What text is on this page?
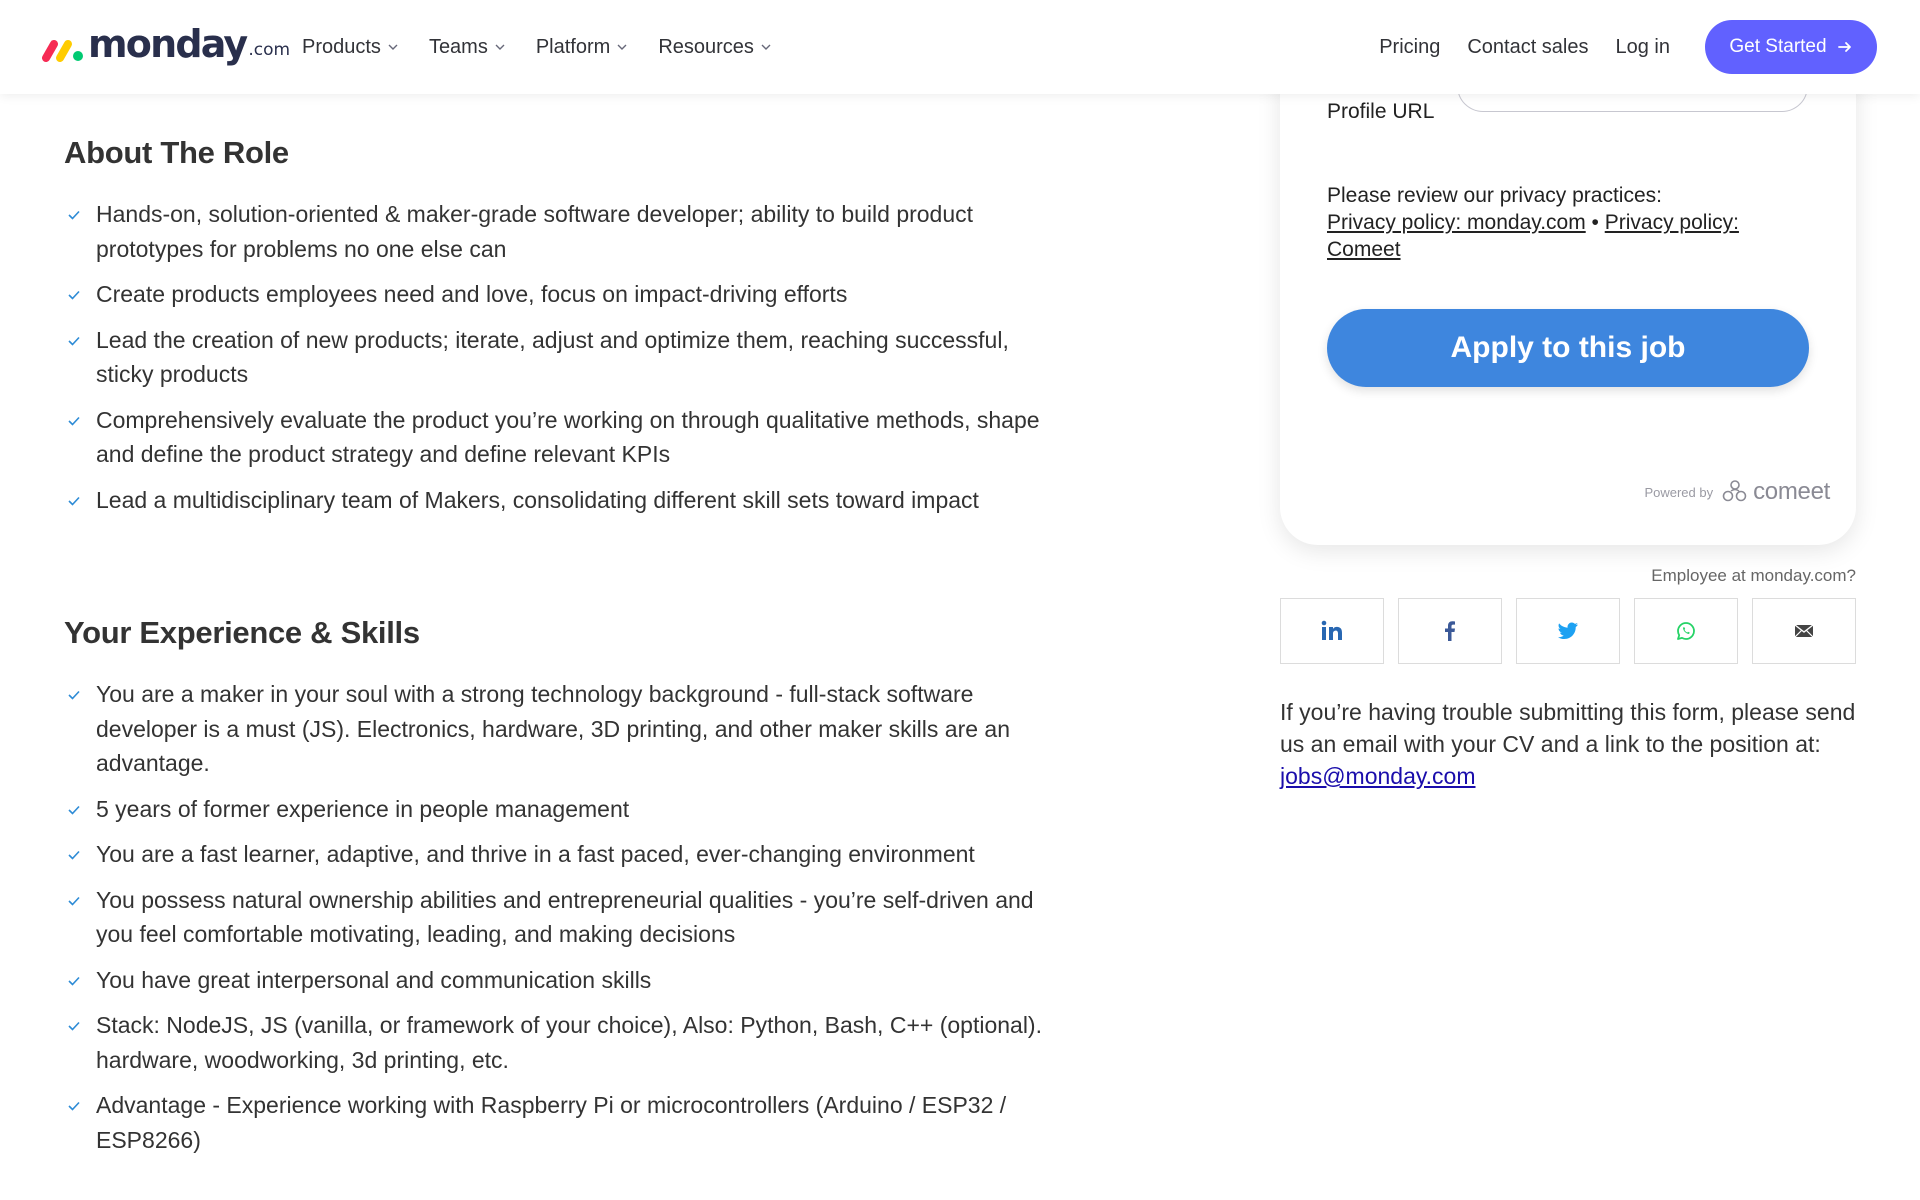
monday .com Products Teams Platform Resources	Pricing Contact sales Log in	Get Started
About The Role
Hands-on, solution-oriented & maker-grade software developer; ability to build product prototypes for problems no one else can
Create products employees need and love, focus on impact-driving efforts
Lead the creation of new products; iterate, adjust and optimize them, reaching successful, sticky products
Comprehensively evaluate the product you’re working on through qualitative methods, shape and define the product strategy and define relevant KPIs
Lead a multidisciplinary team of Makers, consolidating different skill sets toward impact
Your Experience & Skills
You are a maker in your soul with a strong technology background - full-stack software developer is a must (JS). Electronics, hardware, 3D printing, and other maker skills are an advantage.
5 years of former experience in people management
You are a fast learner, adaptive, and thrive in a fast paced, ever-changing environment
You possess natural ownership abilities and entrepreneurial qualities - you’re self-driven and you feel comfortable motivating, leading, and making decisions
You have great interpersonal and communication skills
Stack: NodeJS, JS (vanilla, or framework of your choice), Also: Python, Bash, C++ (optional). hardware, woodworking, 3d printing, etc.
Advantage - Experience working with Raspberry Pi or microcontrollers (Arduino / ESP32 / ESP8266)
Profile URL
Please review our privacy practices:
Privacy policy: monday.com • Privacy policy: Comeet
Apply to this job
Powered by comeet
Employee at monday.com?
If you’re having trouble submitting this form, please send us an email with your CV and a link to the position at: jobs@monday.com
